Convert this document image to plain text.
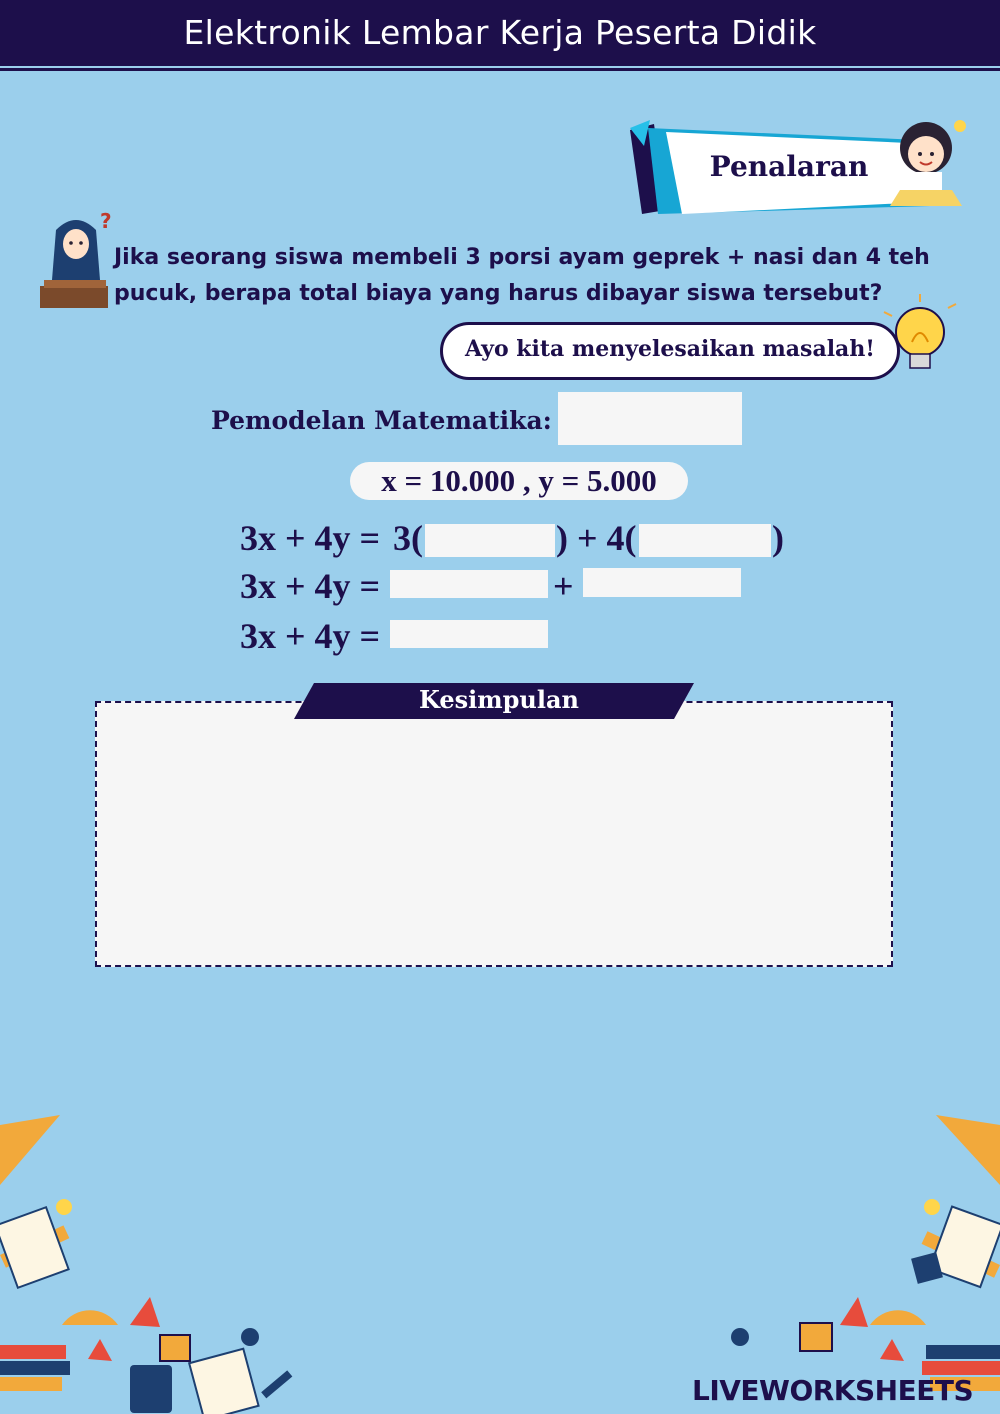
Elektronik Lembar Kerja Peserta Didik
Penalaran
?
Jika seorang siswa membeli 3 porsi ayam geprek + nasi dan 4 teh pucuk, berapa total biaya yang harus dibayar siswa tersebut?
Ayo kita menyelesaikan masalah!
Pemodelan Matematika:
x = 10.000 , y = 5.000
3x + 4y = 3(	) + 4(	)
3x + 4y =	+
3x + 4y =
Kesimpulan
LIVEWORKSHEETS
